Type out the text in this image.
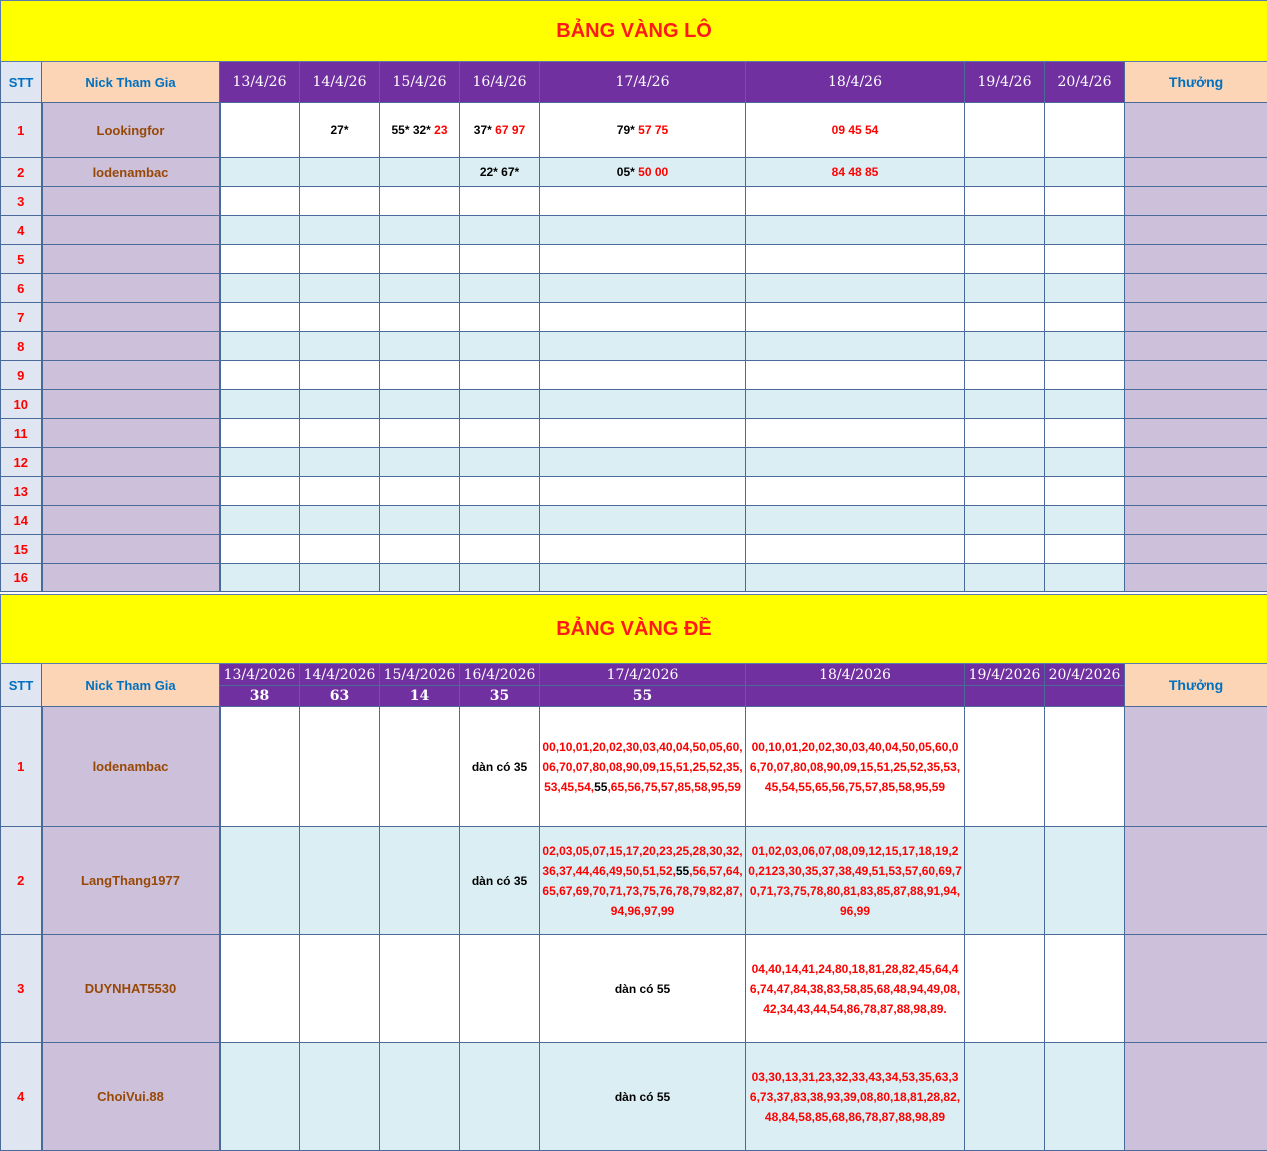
BẢNG VÀNG LÔ										
STT	Nick Tham Gia	13/4/26	14/4/26	15/4/26	16/4/26	17/4/26	18/4/26	19/4/26	20/4/26	Thưởng
1	Lookingfor		27*	55* 32* 23	37* 67 97	79* 57 75	09 45 54			

2	lodenambac				22* 67*	05* 50 00	84 48 85			

3		

4		

5		

6		

7		

8		

9		

10		

11		

12		

13		

14		

15		

16		

BẢNG VÀNG ĐỀ										
STT	Nick Tham Gia	13/4/2026	14/4/2026	15/4/2026	16/4/2026	17/4/2026	18/4/2026	19/4/2026	20/4/2026	Thưởng
		38	63	14	35	55				
1	lodenambac				dàn có 35	00,10,01,20,02,30,03,40,04,50,05,60,06,70,07,80,08,90,09,15,51,25,52,35,53,45,54,55,65,56,75,57,85,58,95,59	00,10,01,20,02,30,03,40,04,50,05,60,06,70,07,80,08,90,09,15,51,25,52,35,53,45,54,55,65,56,75,57,85,58,95,59			

2	LangThang1977				dàn có 35	02,03,05,07,15,17,20,23,25,28,30,32,36,37,44,46,49,50,51,52,55,56,57,64,65,67,69,70,71,73,75,76,78,79,82,87,94,96,97,99	01,02,03,06,07,08,09,12,15,17,18,19,20,2123,30,35,37,38,49,51,53,57,60,69,70,71,73,75,78,80,81,83,85,87,88,91,94,96,99			

3	DUYNHAT5530					dàn có 55	04,40,14,41,24,80,18,81,28,82,45,64,46,74,47,84,38,83,58,85,68,48,94,49,08,42,34,43,44,54,86,78,87,88,98,89.			

4	ChoiVui.88					dàn có 55	03,30,13,31,23,32,33,43,34,53,35,63,36,73,37,83,38,93,39,08,80,18,81,28,82,48,84,58,85,68,86,78,87,88,98,89			
